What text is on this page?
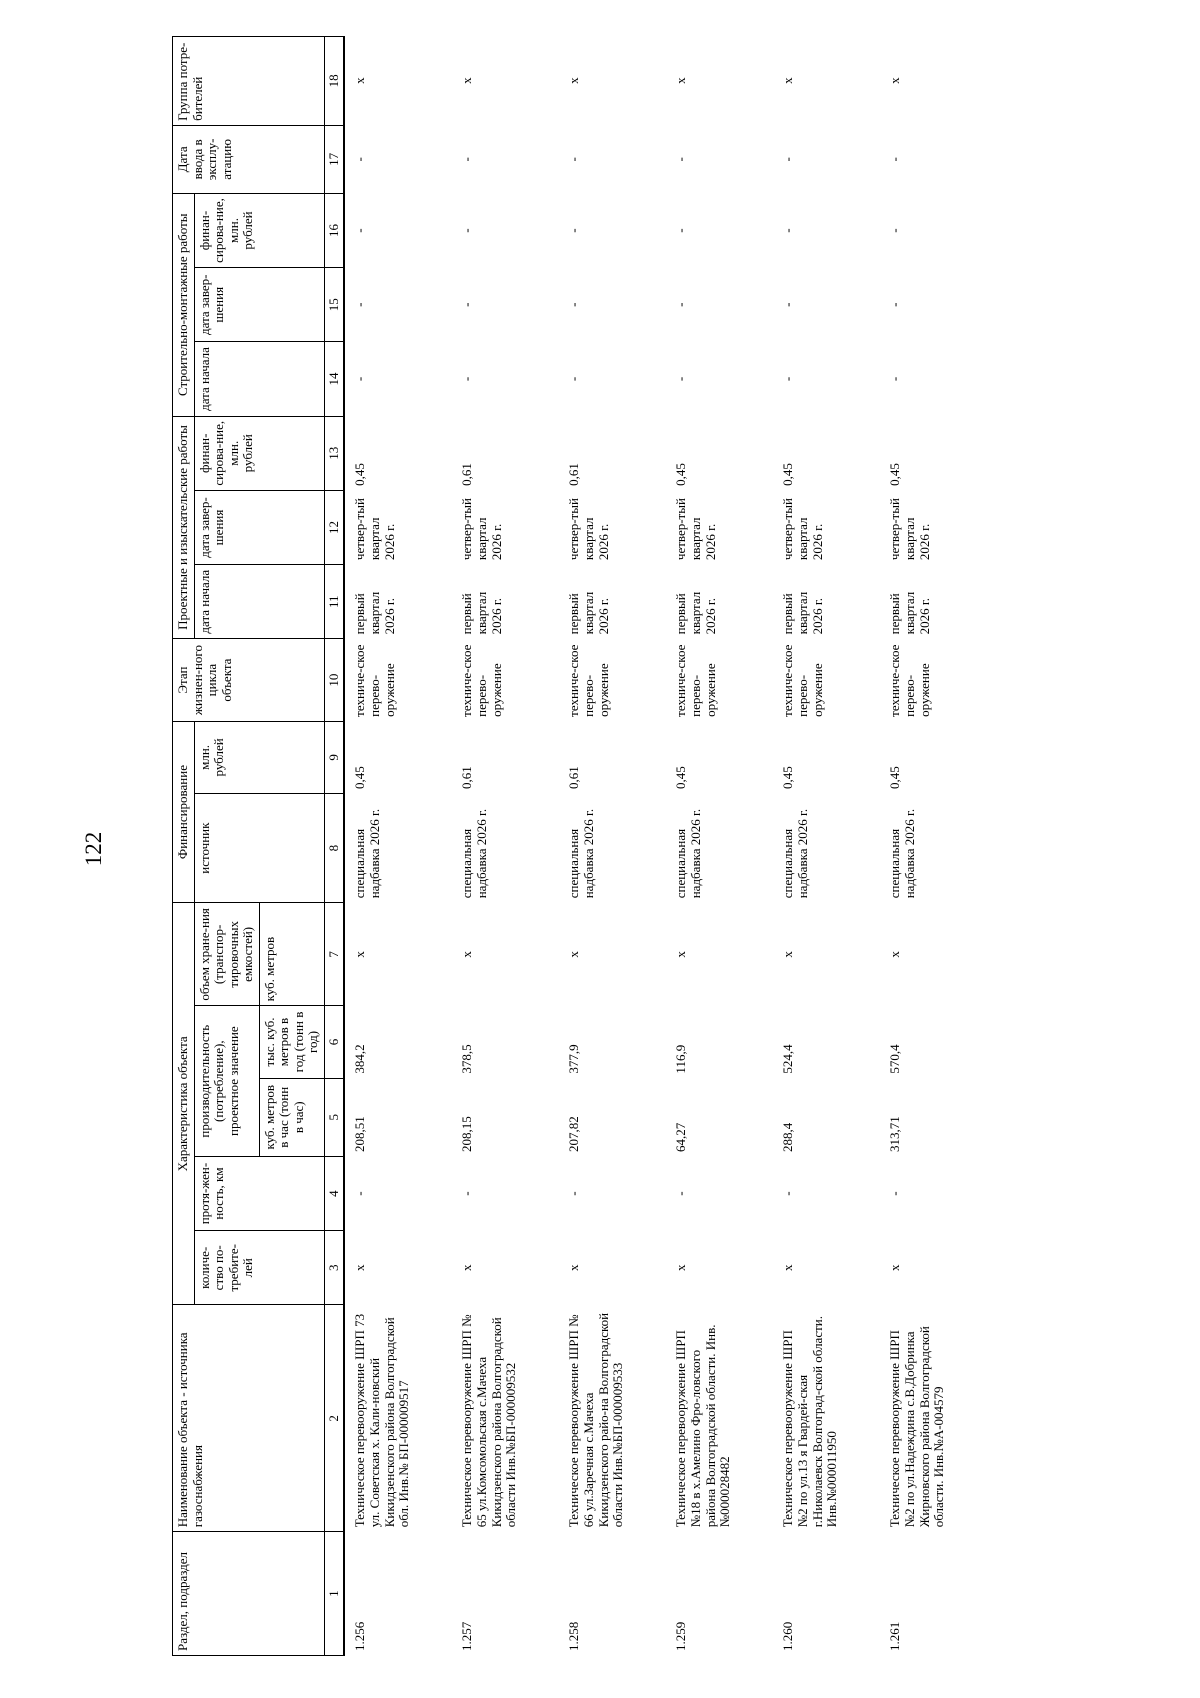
122
Раздел, подраздел	Наименование объекта - источника газоснабжения	Характеристика объекта					Финансирование		Этап жизнен-ного цикла объекта	Проектные и изыскательские работы			Строительно-монтажные работы			Дата ввода в эксплу-атацию	Группа потре-бителей
		количе-ство по-требите-лей	протя-жен-ность, км	производительность (потребление), проектное значение		объем хране-ния (транспор-тировочных емкостей)	источник	млн. рублей		дата начала	дата завер-шения	финан-сирова-ние, млн. рублей	дата начала	дата завер-шения	финан-сирова-ние, млн. рублей		
				куб. метров в час (тонн в час)	тыс. куб. метров в год (тонн в год)	куб. метров											
1	2	3	4	5	6	7	8	9	10	11	12	13	14	15	16	17	18
1.256	Техническое перевооружение ШРП 73 ул. Советская х. Кали-новский Кикидзенского района Волгоградской обл. Инв.№ БП-000009517	х	-	208,51	384,2	х	специальная надбавка 2026 г.	0,45	техниче-ское перево-оружение	первый квартал 2026 г.	четвер-тый квартал 2026 г.	0,45	-	-	-	-	х
1.257	Техническое перевооружение ШРП № 65 ул.Комсомольская с.Мачеха Кикидзенского района Волгоградской области Инв.№БП-000009532	х	-	208,15	378,5	х	специальная надбавка 2026 г.	0,61	техниче-ское перево-оружение	первый квартал 2026 г.	четвер-тый квартал 2026 г.	0,61	-	-	-	-	х
1.258	Техническое перевооружение ШРП № 66 ул.Заречная с.Мачеха Кикидзенского райо-на Волгоградской области Инв.№БП-000009533	х	-	207,82	377,9	х	специальная надбавка 2026 г.	0,61	техниче-ское перево-оружение	первый квартал 2026 г.	четвер-тый квартал 2026 г.	0,61	-	-	-	-	х
1.259	Техническое перевооружение ШРП №18 в х.Амелино Фро-ловского района Волгоградской области. Инв.№000028482	х	-	64,27	116,9	х	специальная надбавка 2026 г.	0,45	техниче-ское перево-оружение	первый квартал 2026 г.	четвер-тый квартал 2026 г.	0,45	-	-	-	-	х
1.260	Техническое перевооружение ШРП №2 по ул.13 я Гвардей-ская г.Николаевск Волгоград-ской области. Инв.№000011950	х	-	288,4	524,4	х	специальная надбавка 2026 г.	0,45	техниче-ское перево-оружение	первый квартал 2026 г.	четвер-тый квартал 2026 г.	0,45	-	-	-	-	х
1.261	Техническое перевооружение ШРП №2 по ул.Надеждина с.В.Добринка Жирновского района Волгоградской области. Инв.№А-004579	х	-	313,71	570,4	х	специальная надбавка 2026 г.	0,45	техниче-ское перево-оружение	первый квартал 2026 г.	четвер-тый квартал 2026 г.	0,45	-	-	-	-	х
